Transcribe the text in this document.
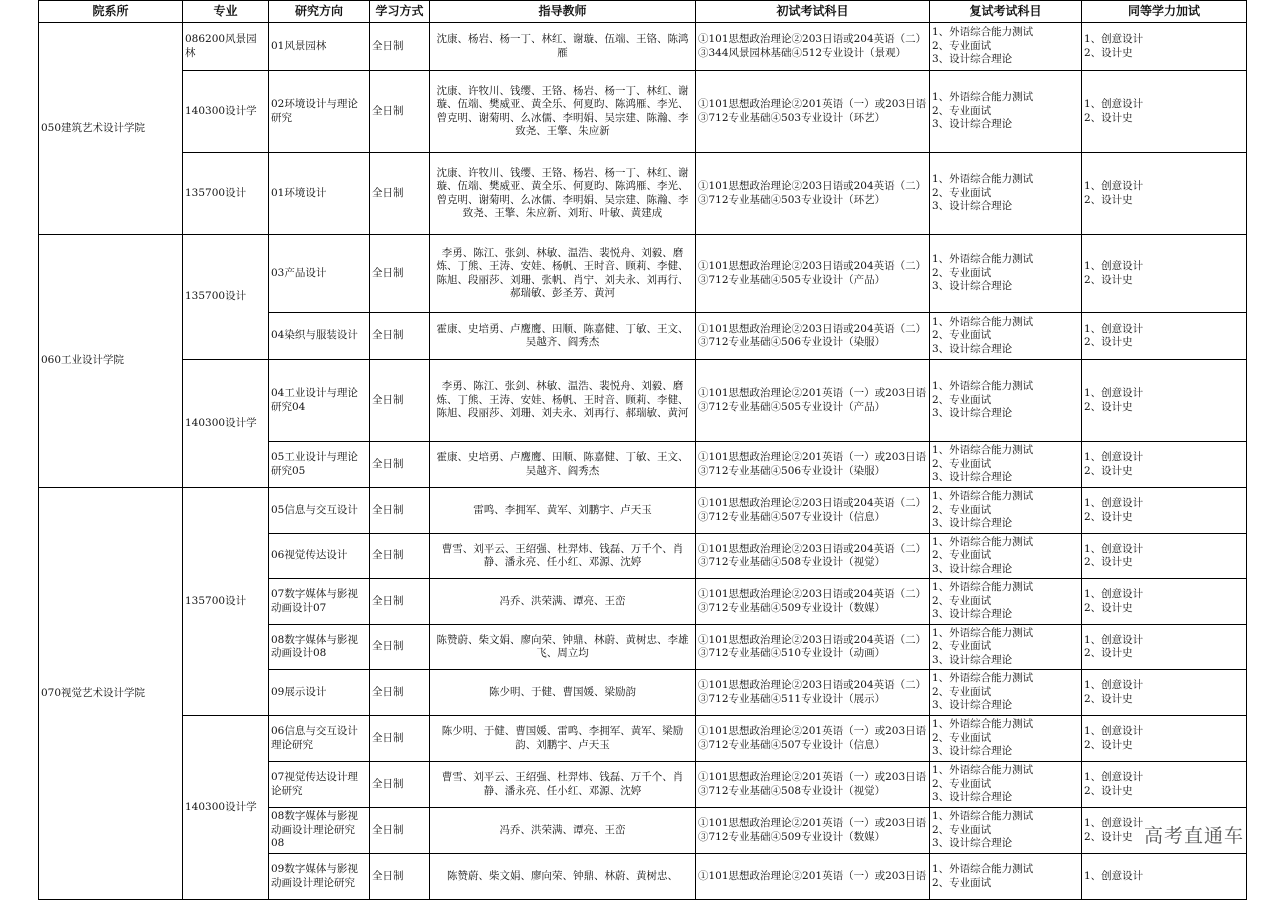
院系所	专业	研究方向	学习方式	指导教师	初试考试科目	复试考试科目	同等学力加试
050建筑艺术设计学院	086200风景园林	01风景园林	全日制	沈康、杨岩、杨一丁、林红、谢璇、伍端、王铬、陈鸿雁	①101思想政治理论②203日语或204英语（二）
③344风景园林基础④512专业设计（景观）	1、外语综合能力测试
2、专业面试
3、设计综合理论	1、创意设计
2、设计史
	140300设计学	02环境设计与理论研究	全日制	沈康、许牧川、钱缨、王铬、杨岩、杨一丁、林红、谢璇、伍端、樊威亚、黄全乐、何夏昀、陈鸿雁、李光、曾克明、谢菊明、么冰儒、李明娟、吴宗建、陈瀚、李致尧、王擎、朱应新	①101思想政治理论②201英语（一）或203日语
③712专业基础④503专业设计（环艺）	1、外语综合能力测试
2、专业面试
3、设计综合理论	1、创意设计
2、设计史
	135700设计	01环境设计	全日制	沈康、许牧川、钱缨、王铬、杨岩、杨一丁、林红、谢璇、伍端、樊威亚、黄全乐、何夏昀、陈鸿雁、李光、曾克明、谢菊明、么冰儒、李明娟、吴宗建、陈瀚、李致尧、王擎、朱应新、刘珩、叶敏、黄建成	①101思想政治理论②203日语或204英语（二）
③712专业基础④503专业设计（环艺）	1、外语综合能力测试
2、专业面试
3、设计综合理论	1、创意设计
2、设计史
060工业设计学院	135700设计	03产品设计	全日制	李勇、陈江、张剑、林敏、温浩、裴悦舟、刘毅、磨炼、丁熊、王涛、安娃、杨帆、王时音、顾莉、李健、陈旭、段丽莎、刘珊、张帆、肖宁、刘夫永、刘再行、郝瑞敏、彭圣芳、黄河	①101思想政治理论②203日语或204英语（二）
③712专业基础④505专业设计（产品）	1、外语综合能力测试
2、专业面试
3、设计综合理论	1、创意设计
2、设计史
		04染织与服装设计	全日制	霍康、史培勇、卢鹰鹰、田顺、陈嘉健、丁敏、王文、吴越齐、阎秀杰	①101思想政治理论②203日语或204英语（二）
③712专业基础④506专业设计（染服）	1、外语综合能力测试
2、专业面试
3、设计综合理论	1、创意设计
2、设计史
	140300设计学	04工业设计与理论研究04	全日制	李勇、陈江、张剑、林敏、温浩、裴悦舟、刘毅、磨炼、丁熊、王涛、安娃、杨帆、王时音、顾莉、李健、陈旭、段丽莎、刘珊、刘夫永、刘再行、郝瑞敏、黄河	①101思想政治理论②201英语（一）或203日语
③712专业基础④505专业设计（产品）	1、外语综合能力测试
2、专业面试
3、设计综合理论	1、创意设计
2、设计史
		05工业设计与理论研究05	全日制	霍康、史培勇、卢鹰鹰、田顺、陈嘉健、丁敏、王文、吴越齐、阎秀杰	①101思想政治理论②201英语（一）或203日语
③712专业基础④506专业设计（染服）	1、外语综合能力测试
2、专业面试
3、设计综合理论	1、创意设计
2、设计史
070视觉艺术设计学院	135700设计	05信息与交互设计	全日制	雷鸣、李拥军、黄军、刘鹏宇、卢天玉	①101思想政治理论②203日语或204英语（二）
③712专业基础④507专业设计（信息）	1、外语综合能力测试
2、专业面试
3、设计综合理论	1、创意设计
2、设计史
		06视觉传达设计	全日制	曹雪、刘平云、王绍强、杜羿炜、钱磊、万千个、肖静、潘永亮、任小红、邓源、沈婷	①101思想政治理论②203日语或204英语（二）
③712专业基础④508专业设计（视觉）	1、外语综合能力测试
2、专业面试
3、设计综合理论	1、创意设计
2、设计史
		07数字媒体与影视动画设计07	全日制	冯乔、洪荣满、谭亮、王峦	①101思想政治理论②203日语或204英语（二）
③712专业基础④509专业设计（数媒）	1、外语综合能力测试
2、专业面试
3、设计综合理论	1、创意设计
2、设计史
		08数字媒体与影视动画设计08	全日制	陈赞蔚、柴文娟、廖向荣、钟鼎、林蔚、黄树忠、李雄飞、周立均	①101思想政治理论②203日语或204英语（二）
③712专业基础④510专业设计（动画）	1、外语综合能力测试
2、专业面试
3、设计综合理论	1、创意设计
2、设计史
		09展示设计	全日制	陈少明、于健、曹国媛、梁励韵	①101思想政治理论②203日语或204英语（二）
③712专业基础④511专业设计（展示）	1、外语综合能力测试
2、专业面试
3、设计综合理论	1、创意设计
2、设计史
	140300设计学	06信息与交互设计理论研究	全日制	陈少明、于健、曹国媛、雷鸣、李拥军、黄军、梁励韵、刘鹏宇、卢天玉	①101思想政治理论②201英语（一）或203日语
③712专业基础④507专业设计（信息）	1、外语综合能力测试
2、专业面试
3、设计综合理论	1、创意设计
2、设计史
		07视觉传达设计理论研究	全日制	曹雪、刘平云、王绍强、杜羿炜、钱磊、万千个、肖静、潘永亮、任小红、邓源、沈婷	①101思想政治理论②201英语（一）或203日语
③712专业基础④508专业设计（视觉）	1、外语综合能力测试
2、专业面试
3、设计综合理论	1、创意设计
2、设计史
		08数字媒体与影视动画设计理论研究08	全日制	冯乔、洪荣满、谭亮、王峦	①101思想政治理论②201英语（一）或203日语
③712专业基础④509专业设计（数媒）	1、外语综合能力测试
2、专业面试
3、设计综合理论	1、创意设计
2、设计史
		09数字媒体与影视动画设计理论研究	全日制	陈赞蔚、柴文娟、廖向荣、钟鼎、林蔚、黄树忠、	①101思想政治理论②201英语（一）或203日语	1、外语综合能力测试
2、专业面试	1、创意设计
高考直通车
